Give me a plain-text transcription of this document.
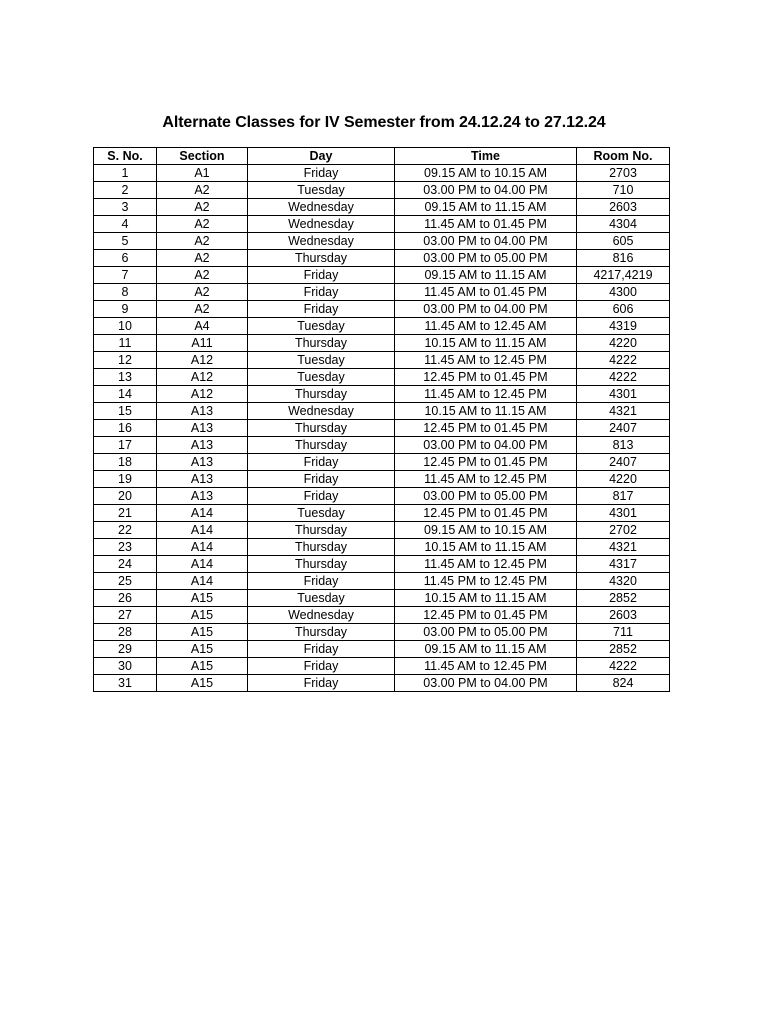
Alternate Classes for IV Semester from 24.12.24 to 27.12.24
S. No.	Section	Day	Time	Room No.
1	A1	Friday	09.15 AM to 10.15 AM	2703
2	A2	Tuesday	03.00 PM to 04.00 PM	710
3	A2	Wednesday	09.15 AM to 11.15 AM	2603
4	A2	Wednesday	11.45 AM to 01.45 PM	4304
5	A2	Wednesday	03.00 PM to 04.00 PM	605
6	A2	Thursday	03.00 PM to 05.00 PM	816
7	A2	Friday	09.15 AM to 11.15 AM	4217,4219
8	A2	Friday	11.45 AM to 01.45 PM	4300
9	A2	Friday	03.00 PM to 04.00 PM	606
10	A4	Tuesday	11.45 AM to 12.45 AM	4319
11	A11	Thursday	10.15 AM to 11.15 AM	4220
12	A12	Tuesday	11.45 AM to 12.45 PM	4222
13	A12	Tuesday	12.45 PM to 01.45 PM	4222
14	A12	Thursday	11.45 AM to 12.45 PM	4301
15	A13	Wednesday	10.15 AM to 11.15 AM	4321
16	A13	Thursday	12.45 PM to 01.45 PM	2407
17	A13	Thursday	03.00 PM to 04.00 PM	813
18	A13	Friday	12.45 PM to 01.45 PM	2407
19	A13	Friday	11.45 AM to 12.45 PM	4220
20	A13	Friday	03.00 PM to 05.00 PM	817
21	A14	Tuesday	12.45 PM to 01.45 PM	4301
22	A14	Thursday	09.15 AM to 10.15 AM	2702
23	A14	Thursday	10.15 AM to 11.15 AM	4321
24	A14	Thursday	11.45 AM to 12.45 PM	4317
25	A14	Friday	11.45 PM to 12.45 PM	4320
26	A15	Tuesday	10.15 AM to 11.15 AM	2852
27	A15	Wednesday	12.45 PM to 01.45 PM	2603
28	A15	Thursday	03.00 PM to 05.00 PM	711
29	A15	Friday	09.15 AM to 11.15 AM	2852
30	A15	Friday	11.45 AM to 12.45 PM	4222
31	A15	Friday	03.00 PM to 04.00 PM	824
